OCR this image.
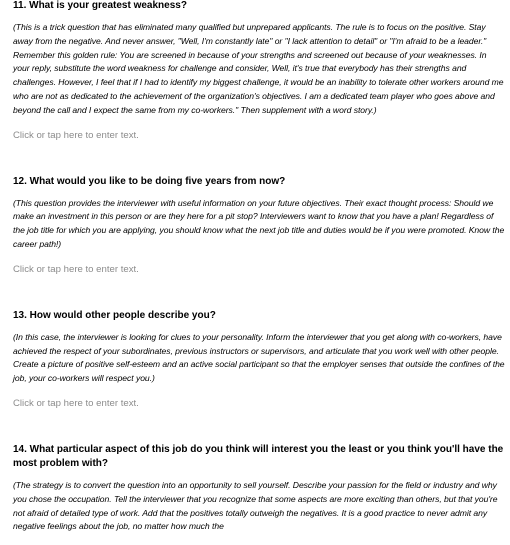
11. What is your greatest weakness?

(This is a trick question that has eliminated many qualified but unprepared applicants. The rule is to focus on the positive. Stay away from the negative. And never answer, "Well, I'm constantly late" or "I lack attention to detail" or "I'm afraid to be a leader." Remember this golden rule: You are screened in because of your strengths and screened out because of your weaknesses. In your reply, substitute the word weakness for challenge and consider, Well, it's true that everybody has their strengths and challenges. However, I feel that if I had to identify my biggest challenge, it would be an inability to tolerate other workers around me who are not as dedicated to the achievement of the organization's objectives. I am a dedicated team player who goes above and beyond the call and I expect the same from my co-workers." Then supplement with a word story.)

Click or tap here to enter text.

12. What would you like to be doing five years from now?

(This question provides the interviewer with useful information on your future objectives. Their exact thought process: Should we make an investment in this person or are they here for a pit stop? Interviewers want to know that you have a plan! Regardless of the job title for which you are applying, you should know what the next job title and duties would be if you were promoted. Know the career path!)

Click or tap here to enter text.

13. How would other people describe you?

(In this case, the interviewer is looking for clues to your personality. Inform the interviewer that you get along with co-workers, have achieved the respect of your subordinates, previous instructors or supervisors, and articulate that you work well with other people. Create a picture of positive self-esteem and an active social participant so that the employer senses that outside the confines of the job, your co-workers will respect you.)

Click or tap here to enter text.

14. What particular aspect of this job do you think will interest you the least or you think you'll have the most problem with?

(The strategy is to convert the question into an opportunity to sell yourself. Describe your passion for the field or industry and why you chose the occupation. Tell the interviewer that you recognize that some aspects are more exciting than others, but that you're not afraid of detailed type of work. Add that the positives totally outweigh the negatives. It is a good practice to never admit any negative feelings about the job, no matter how much the
